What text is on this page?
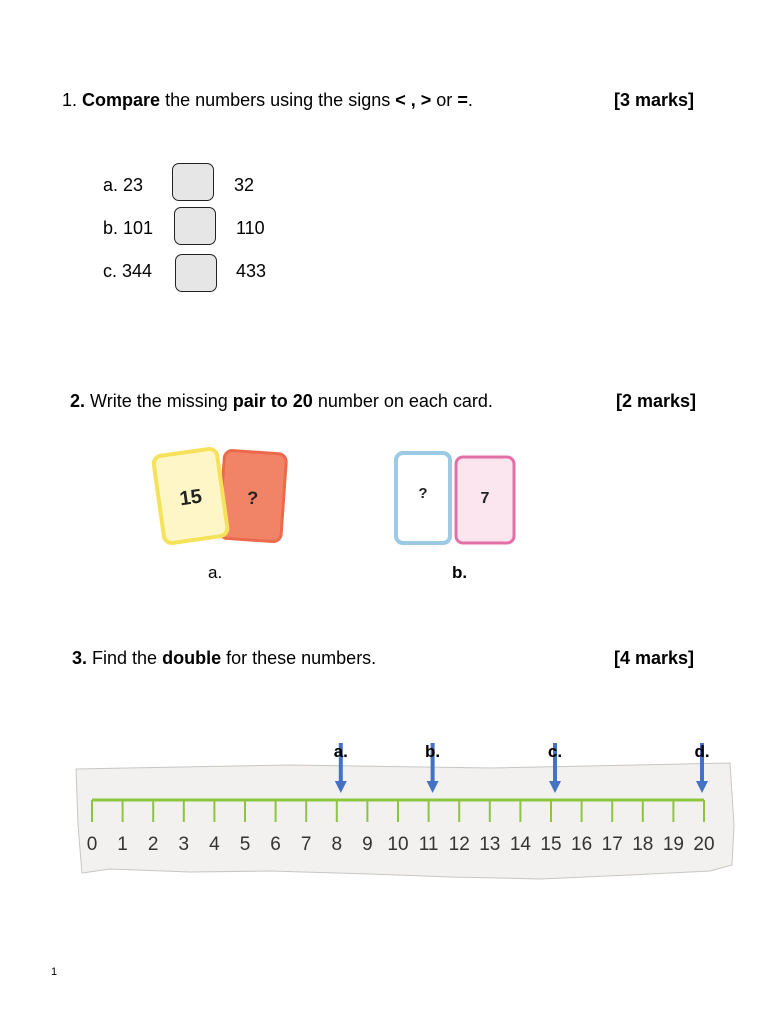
1. Compare the numbers using the signs < , > or =.	[3 marks]
a. 23	32
b. 101	110
c. 344	433
2. Write the missing pair to 20 number on each card.	[2 marks]
?
15
a.
?	7
b.
3. Find the double for these numbers.	[4 marks]
0 1 2 3 4 5 6 7 8 9 10 11 12 13 14 15 16 17 18 19 20
a.	b.	c.	d.
1
